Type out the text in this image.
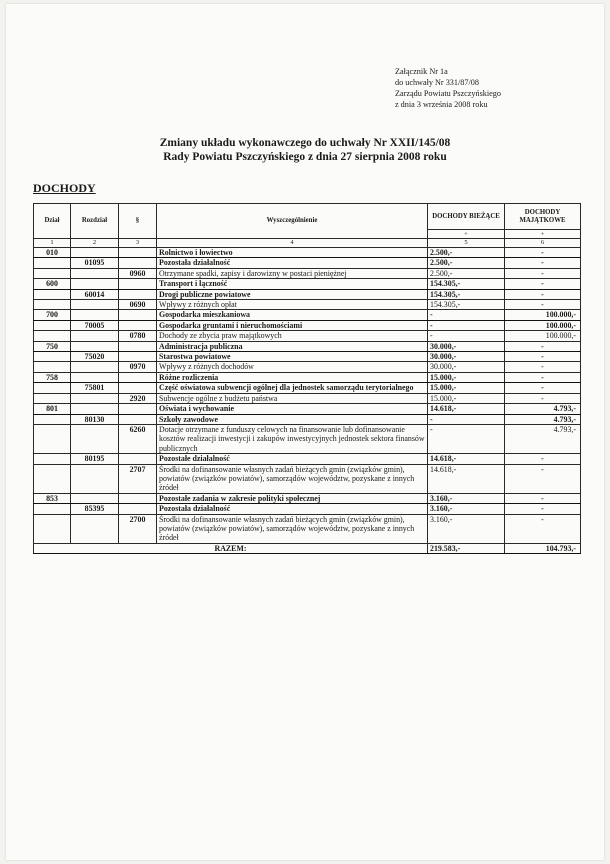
Załącznik Nr 1a
do uchwały Nr 331/87/08
Zarządu Powiatu Pszczyńskiego
z dnia 3 września 2008 roku
Zmiany układu wykonawczego do uchwały Nr XXII/145/08
Rady Powiatu Pszczyńskiego z dnia 27 sierpnia 2008 roku
DOCHODY
Dział	Rozdział	§	Wyszczególnienie	DOCHODY BIEŻĄCE	DOCHODY MAJĄTKOWE
				+	+
1	2	3	4	5	6
010			Rolnictwo i łowiectwo	2.500,-	-
	01095		Pozostała działalność	2.500,-	-
		0960	Otrzymane spadki, zapisy i darowizny w postaci pieniężnej	2.500,-	-
600			Transport i łączność	154.305,-	-
	60014		Drogi publiczne powiatowe	154.305,-	-
		0690	Wpływy z różnych opłat	154.305,-	-
700			Gospodarka mieszkaniowa	-	100.000,-
	70005		Gospodarka gruntami i nieruchomościami	-	100.000,-
		0780	Dochody ze zbycia praw majątkowych	-	100.000,-
750			Administracja publiczna	30.000,-	-
	75020		Starostwa powiatowe	30.000,-	-
		0970	Wpływy z różnych dochodów	30.000,-	-
758			Różne rozliczenia	15.000,-	-
	75801		Część oświatowa subwencji ogólnej dla jednostek samorządu terytorialnego	15.000,-	-
		2920	Subwencje ogólne z budżetu państwa	15.000,-	-
801			Oświata i wychowanie	14.618,-	4.793,-
	80130		Szkoły zawodowe	-	4.793,-
		6260	Dotacje otrzymane z funduszy celowych na finansowanie lub dofinansowanie kosztów realizacji inwestycji i zakupów inwestycyjnych jednostek sektora finansów publicznych	-	4.793,-
	80195		Pozostałe działalność	14.618,-	-
		2707	Środki na dofinansowanie własnych zadań bieżących gmin (związków gmin), powiatów (związków powiatów), samorządów województw, pozyskane z innych źródeł	14.618,-	-
853			Pozostałe zadania w zakresie polityki społecznej	3.160,-	-
	85395		Pozostała działalność	3.160,-	-
		2700	Środki na dofinansowanie własnych zadań bieżących gmin (związków gmin), powiatów (związków powiatów), samorządów województw, pozyskane z innych źródeł	3.160,-	-
RAZEM:				219.583,-	104.793,-
